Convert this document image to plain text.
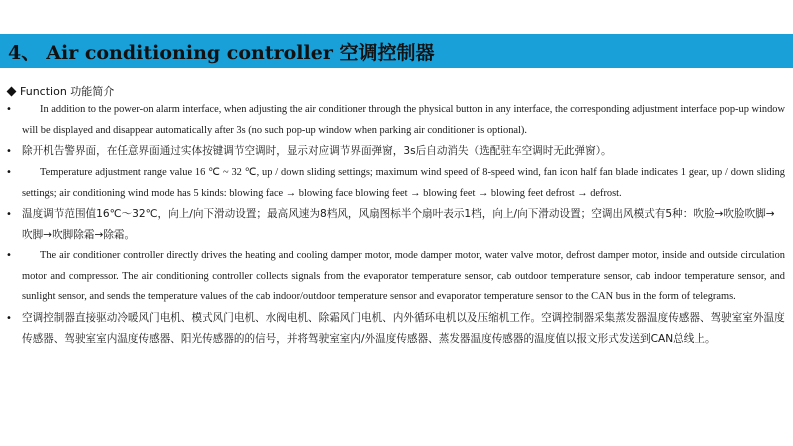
4、 Air conditioning controller 空调控制器
Function 功能简介
•	In addition to the power-on alarm interface, when adjusting the air conditioner through the physical button in any interface, the corresponding adjustment interface pop-up window will be displayed and disappear automatically after 3s (no such pop-up window when parking air conditioner is optional).
• 除开机告警界面，在任意界面通过实体按键调节空调时，显示对应调节界面弹窗，3s后自动消失（选配驻车空调时无此弹窗）。
•	Temperature adjustment range value 16 ℃ ~ 32 ℃, up / down sliding settings; maximum wind speed of 8-speed wind, fan icon half fan blade indicates 1 gear, up / down sliding settings; air conditioning wind mode has 5 kinds: blowing face → blowing face blowing feet → blowing feet → blowing feet defrost → defrost.
• 温度调节范围值16℃～32℃，向上/向下滑动设置；最高风速为8档风，风扇图标半个扇叶表示1档，向上/向下滑动设置；空调出风模式有5种：吹脸→吹脸吹脚→吹脚→吹脚除霜→除霜。
•	The air conditioner controller directly drives the heating and cooling damper motor, mode damper motor, water valve motor, defrost damper motor, inside and outside circulation motor and compressor. The air conditioning controller collects signals from the evaporator temperature sensor, cab outdoor temperature sensor, cab indoor temperature sensor, and sunlight sensor, and sends the temperature values of the cab indoor/outdoor temperature sensor and evaporator temperature sensor to the CAN bus in the form of telegrams.
• 空调控制器直接驱动冷暖风门电机、模式风门电机、水阀电机、除霜风门电机、内外循环电机以及压缩机工作。空调控制器采集蒸发器温度传感器、驾驶室室外温度传感器、驾驶室室内温度传感器、阳光传感器的的信号，并将驾驶室室内/外温度传感器、蒸发器温度传感器的温度值以报文形式发送到CAN总线上。
